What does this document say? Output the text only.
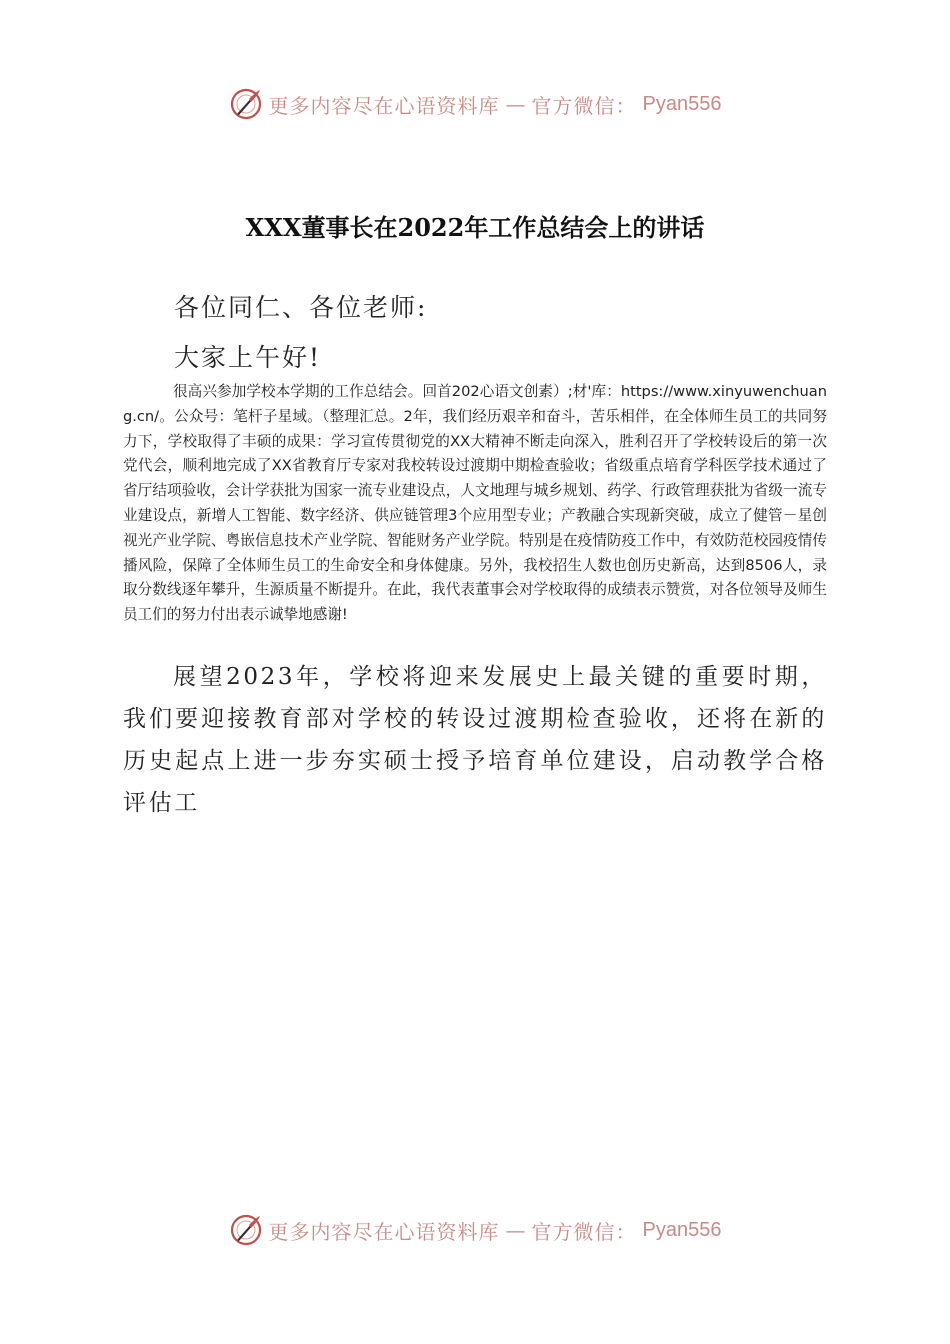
更多内容尽在心语资料库 — 官方微信： Pyan556
XXX董事长在2022年工作总结会上的讲话

各位同仁、各位老师:

大家上午好!

很高兴参加学校本学期的工作总结会。回首202心语文创素）;材'库：https://www.xinyuwenchuang.cn/。公众号：笔杆子星域。（整理汇总。2年，我们经历艰辛和奋斗，苦乐相伴，在全体师生员工的共同努力下，学校取得了丰硕的成果：学习宣传贯彻党的XX大精神不断走向深入，胜利召开了学校转设后的第一次党代会，顺利地完成了XX省教育厅专家对我校转设过渡期中期检查验收；省级重点培育学科医学技术通过了省厅结项验收，会计学获批为国家一流专业建设点，人文地理与城乡规划、药学、行政管理获批为省级一流专业建设点，新增人工智能、数字经济、供应链管理3个应用型专业；产教融合实现新突破，成立了健管－星创视光产业学院、粤嵌信息技术产业学院、智能财务产业学院。特别是在疫情防疫工作中，有效防范校园疫情传播风险，保障了全体师生员工的生命安全和身体健康。另外，我校招生人数也创历史新高，达到8506人，录取分数线逐年攀升，生源质量不断提升。在此，我代表董事会对学校取得的成绩表示赞赏，对各位领导及师生员工们的努力付出表示诚挚地感谢!

展望2023年，学校将迎来发展史上最关键的重要时期，我们要迎接教育部对学校的转设过渡期检查验收，还将在新的历史起点上进一步夯实硕士授予培育单位建设，启动教学合格评估工

更多内容尽在心语资料库 — 官方微信： Pyan556
